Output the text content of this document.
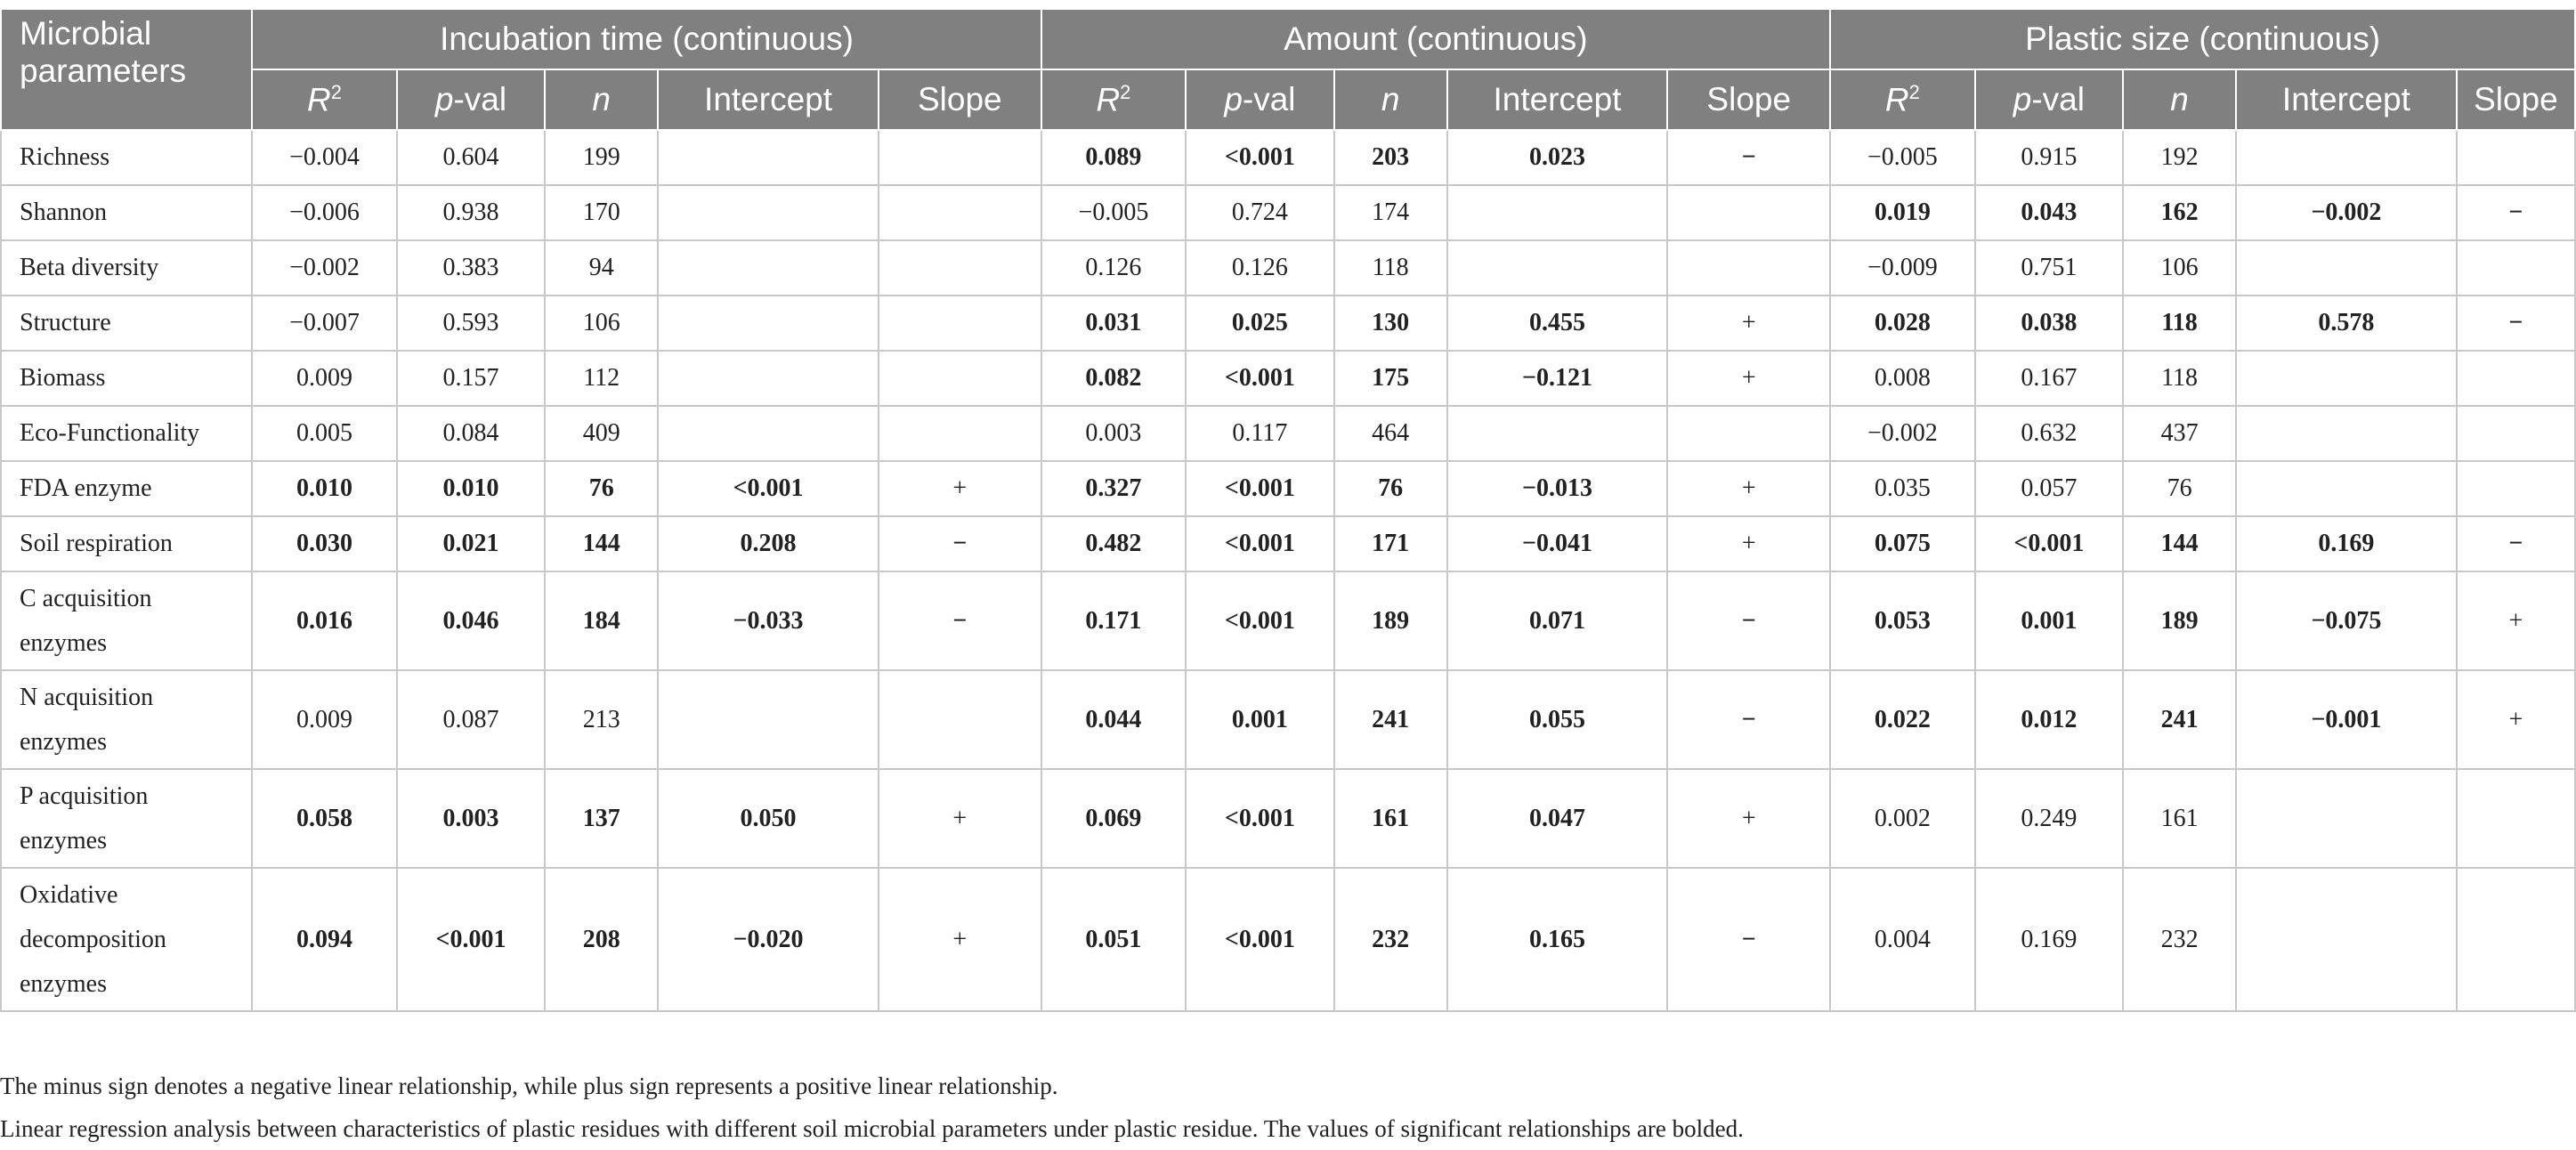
Microbial
parameters	Incubation time (continuous)					Amount (continuous)					Plastic size (continuous)				
	$R^2$	p-val	n	Intercept	Slope	$R^2$	p-val	n	Intercept	Slope	$R^2$	p-val	n	Intercept	Slope
Richness	−0.004	0.604	199			0.089	<0.001	203	0.023	−	−0.005	0.915	192		
Shannon	−0.006	0.938	170			−0.005	0.724	174			0.019	0.043	162	−0.002	−
Beta diversity	−0.002	0.383	94			0.126	0.126	118			−0.009	0.751	106		
Structure	−0.007	0.593	106			0.031	0.025	130	0.455	+	0.028	0.038	118	0.578	−
Biomass	0.009	0.157	112			0.082	<0.001	175	−0.121	+	0.008	0.167	118		
Eco-Functionality	0.005	0.084	409			0.003	0.117	464			−0.002	0.632	437		
FDA enzyme	0.010	0.010	76	<0.001	+	0.327	<0.001	76	−0.013	+	0.035	0.057	76		
Soil respiration	0.030	0.021	144	0.208	−	0.482	<0.001	171	−0.041	+	0.075	<0.001	144	0.169	−
C acquisition
enzymes	0.016	0.046	184	−0.033	−	0.171	<0.001	189	0.071	−	0.053	0.001	189	−0.075	+
N acquisition
enzymes	0.009	0.087	213			0.044	0.001	241	0.055	−	0.022	0.012	241	−0.001	+
P acquisition
enzymes	0.058	0.003	137	0.050	+	0.069	<0.001	161	0.047	+	0.002	0.249	161		
Oxidative
decomposition
enzymes	0.094	<0.001	208	−0.020	+	0.051	<0.001	232	0.165	−	0.004	0.169	232		

The minus sign denotes a negative linear relationship, while plus sign represents a positive linear relationship.

Linear regression analysis between characteristics of plastic residues with different soil microbial parameters under plastic residue. The values of significant relationships are bolded.
